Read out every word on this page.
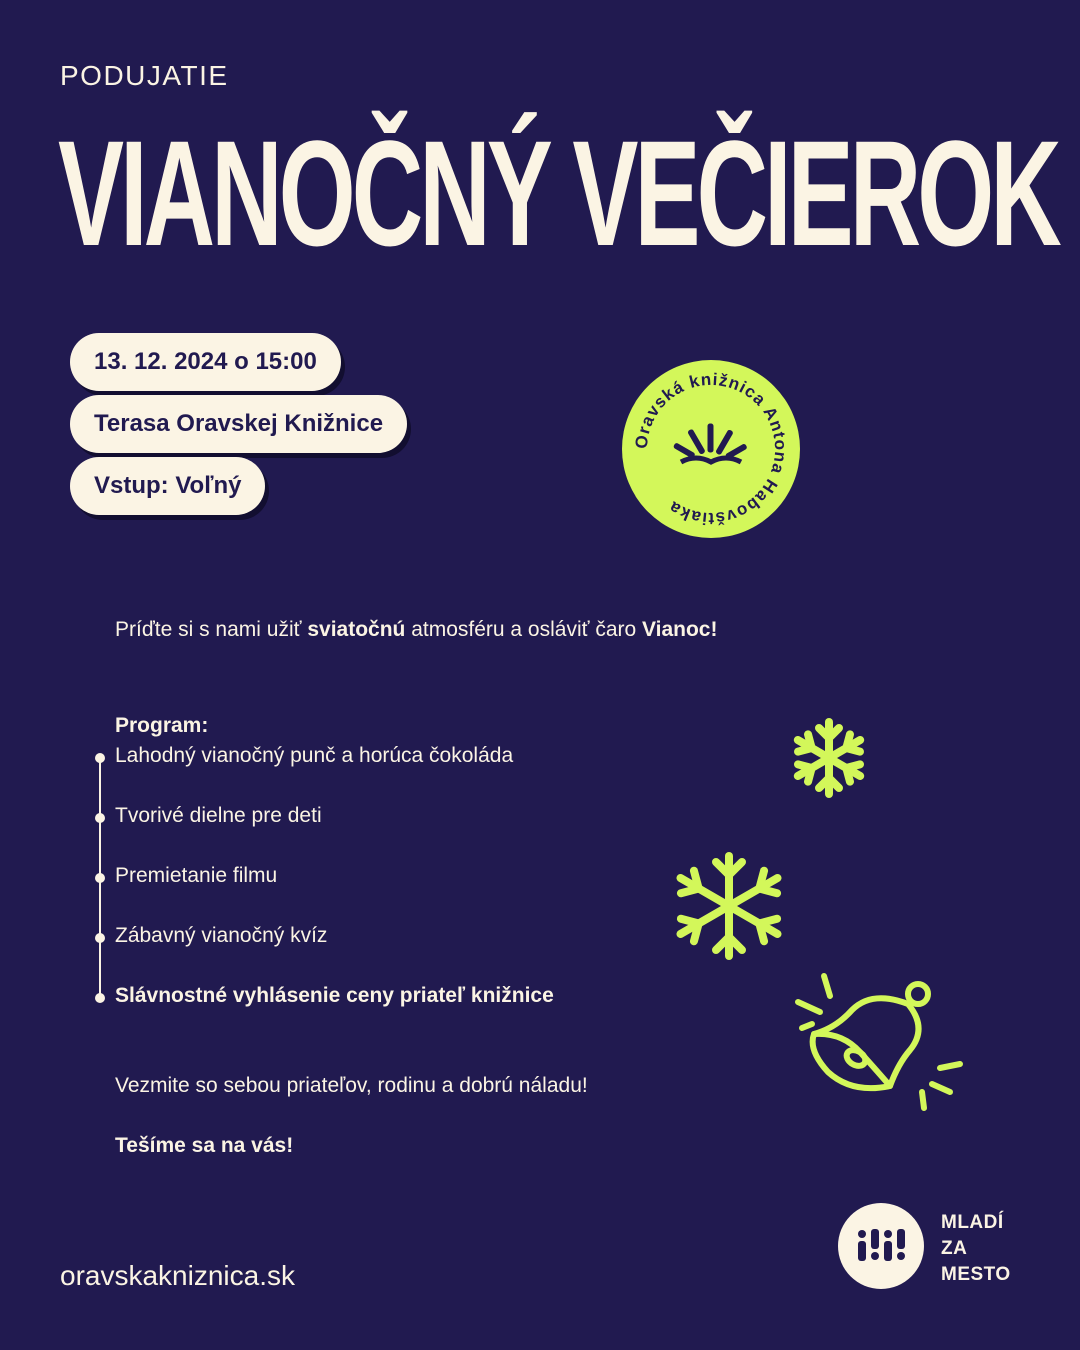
PODUJATIE
VIANOČNÝ VEČIEROK
13. 12. 2024 o 15:00
Terasa Oravskej Knižnice
Vstup: Voľný
Oravská knižnica Antona Habovštiaka
Príďte si s nami užiť sviatočnú atmosféru a osláviť čaro Vianoc!
Program:
Lahodný vianočný punč a horúca čokoláda
Tvorivé dielne pre deti
Premietanie filmu
Zábavný vianočný kvíz
Slávnostné vyhlásenie ceny priateľ knižnice
Vezmite so sebou priateľov, rodinu a dobrú náladu!
Tešíme sa na vás!
oravskakniznica.sk
MLADÍ
ZA
MESTO
